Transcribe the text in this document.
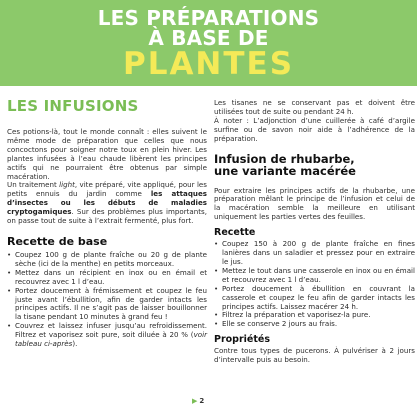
LES PRÉPARATIONS
À BASE DE
PLANTES
LES INFUSIONS

Ces potions-là, tout le monde connaît : elles suivent le même mode de préparation que celles que nous concoctons pour soigner notre toux en plein hiver. Les plantes infusées à l’eau chaude libèrent les principes actifs qui ne pourraient être obtenus par simple macération.

Un traitement light, vite préparé, vite appliqué, pour les petits ennuis du jardin comme les attaques d’insectes ou les débuts de maladies cryptogamiques. Sur des problèmes plus importants, on passe tout de suite à l’extrait fermenté, plus fort.

Recette de base
• Coupez 100 g de plante fraîche ou 20 g de plante sèche (ici de la menthe) en petits morceaux.
• Mettez dans un récipient en inox ou en émail et recouvrez avec 1 l d’eau.
• Portez doucement à frémissement et coupez le feu juste avant l’ébullition, afin de garder intacts les principes actifs. Il ne s’agit pas de laisser bouillonner la tisane pendant 10 minutes à grand feu !
• Couvrez et laissez infuser jusqu’au refroidissement. Filtrez et vaporisez soit pure, soit diluée à 20 % (voir tableau ci-après).

Les tisanes ne se conservant pas et doivent être utilisées tout de suite ou pendant 24 h.

À noter : L’adjonction d’une cuillerée à café d’argile surfine ou de savon noir aide à l’adhérence de la préparation.

Infusion de rhubarbe,
une variante macérée

Pour extraire les principes actifs de la rhubarbe, une préparation mêlant le principe de l’infusion et celui de la macération semble la meilleure en utilisant uniquement les parties vertes des feuilles.

Recette
• Coupez 150 à 200 g de plante fraîche en fines lanières dans un saladier et pressez pour en extraire le jus.
• Mettez le tout dans une casserole en inox ou en émail et recouvrez avec 1 l d’eau.
• Portez doucement à ébullition en couvrant la casserole et coupez le feu afin de garder intacts les principes actifs. Laissez macérer 24 h.
• Filtrez la préparation et vaporisez-la pure.
• Elle se conserve 2 jours au frais.
Propriétés

Contre tous types de pucerons. À pulvériser à 2 jours d’intervalle puis au besoin.

▶ 2
